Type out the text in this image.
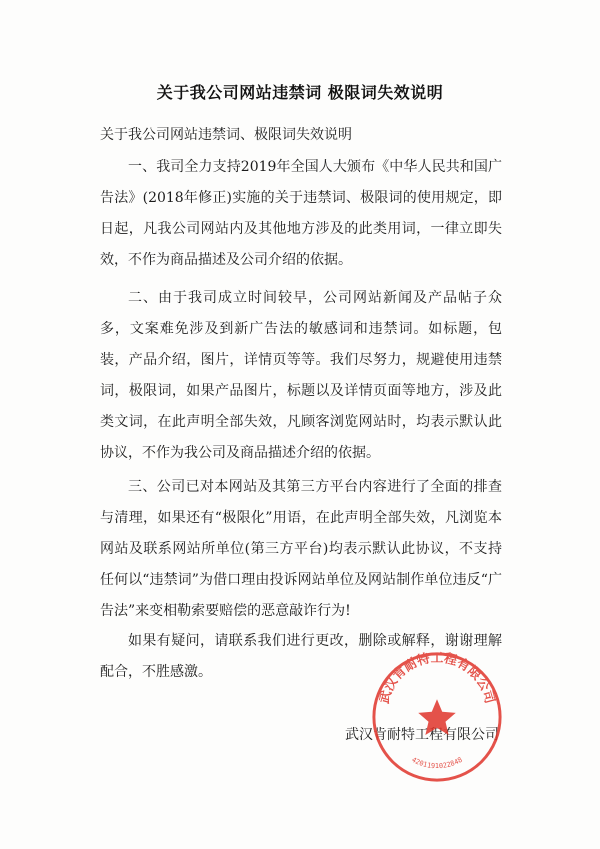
关于我公司网站违禁词 极限词失效说明
关于我公司网站违禁词、极限词失效说明
一、我司全力支持2019年全国人大颁布《中华人民共和国广告法》(2018年修正)实施的关于违禁词、极限词的使用规定，即日起，凡我公司网站内及其他地方涉及的此类用词，一律立即失效，不作为商品描述及公司介绍的依据。
二、由于我司成立时间较早，公司网站新闻及产品帖子众多，文案难免涉及到新广告法的敏感词和违禁词。如标题，包装，产品介绍，图片，详情页等等。我们尽努力，规避使用违禁词，极限词，如果产品图片，标题以及详情页面等地方，涉及此类文词，在此声明全部失效，凡顾客浏览网站时，均表示默认此协议，不作为我公司及商品描述介绍的依据。
三、公司已对本网站及其第三方平台内容进行了全面的排查与清理，如果还有“极限化”用语，在此声明全部失效，凡浏览本网站及联系网站所单位(第三方平台)均表示默认此协议，不支持任何以“违禁词”为借口理由投诉网站单位及网站制作单位违反“广告法”来变相勒索要赔偿的恶意敲诈行为!
如果有疑问，请联系我们进行更改，删除或解释，谢谢理解配合，不胜感激。
武汉肯耐特工程有限公司
武汉肯耐特工程有限公司
4201191022848
